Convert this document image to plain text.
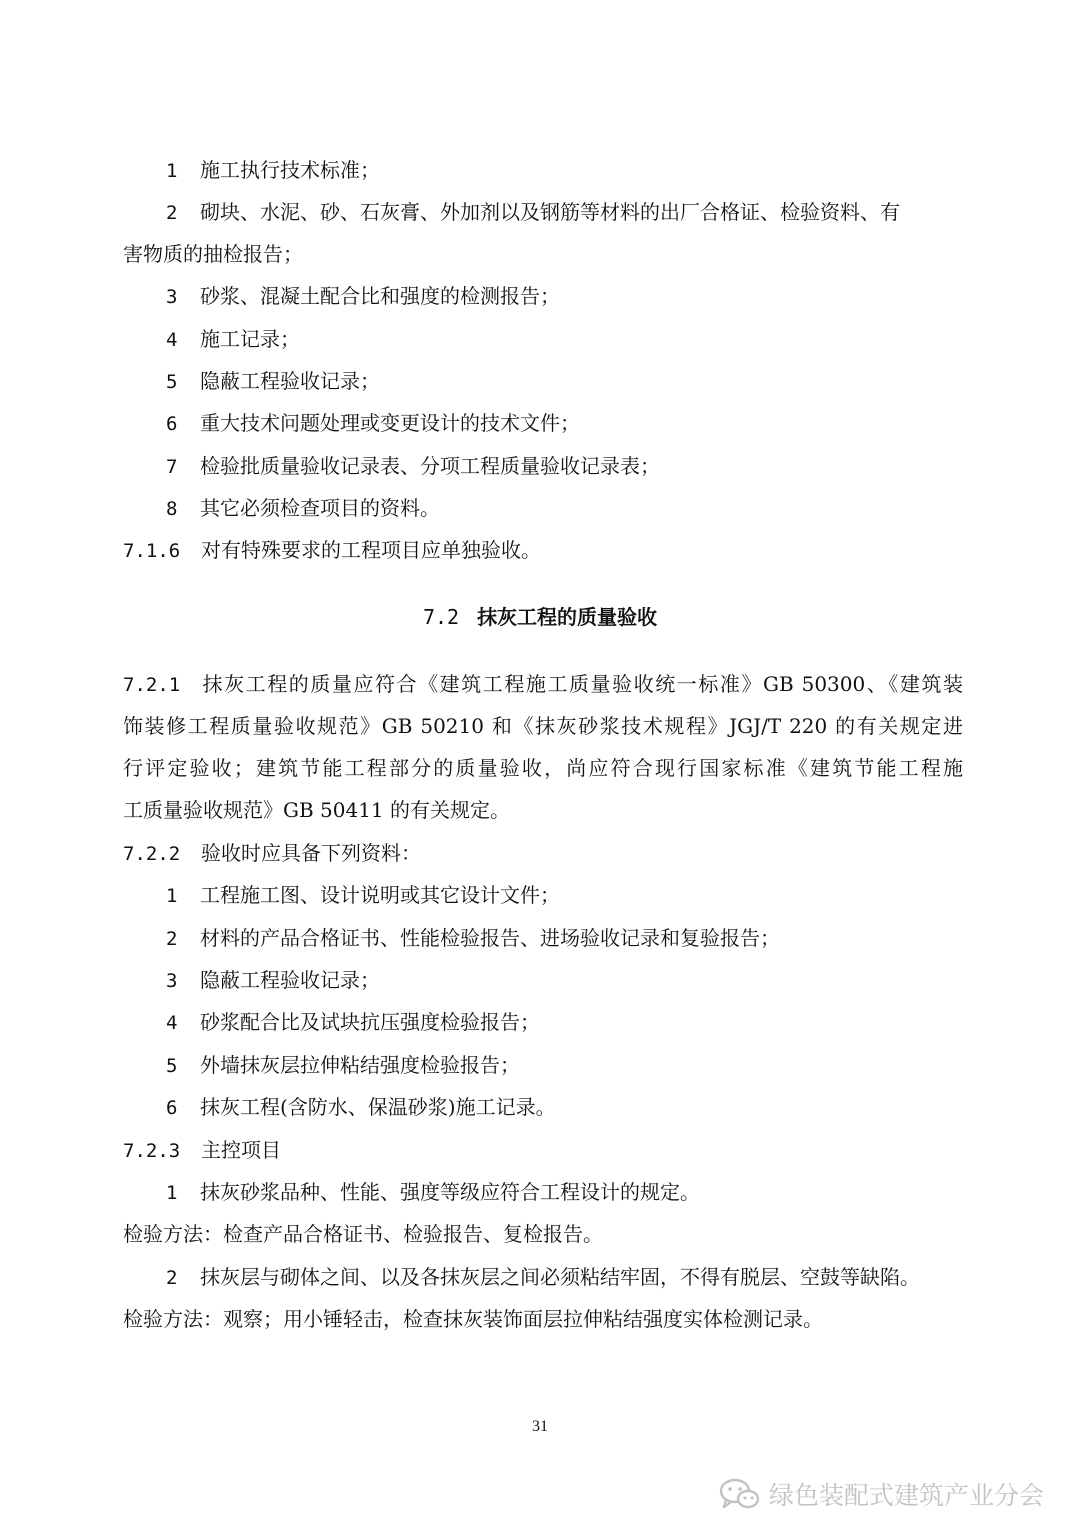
1 施工执行技术标准；
2 砌块、水泥、砂、石灰膏、外加剂以及钢筋等材料的出厂合格证、检验资料、有
害物质的抽检报告；
3 砂浆、混凝土配合比和强度的检测报告；
4 施工记录；
5 隐蔽工程验收记录；
6 重大技术问题处理或变更设计的技术文件；
7 检验批质量验收记录表、分项工程质量验收记录表；
8 其它必须检查项目的资料。
7.1.6 对有特殊要求的工程项目应单独验收。
7.2 抹灰工程的质量验收
7.2.1 抹灰工程的质量应符合《建筑工程施工质量验收统一标准》GB 50300、《建筑装
饰装修工程质量验收规范》GB 50210 和《抹灰砂浆技术规程》JGJ/T 220 的有关规定进
行评定验收；建筑节能工程部分的质量验收，尚应符合现行国家标准《建筑节能工程施
工质量验收规范》GB 50411 的有关规定。
7.2.2 验收时应具备下列资料：
1 工程施工图、设计说明或其它设计文件；
2 材料的产品合格证书、性能检验报告、进场验收记录和复验报告；
3 隐蔽工程验收记录；
4 砂浆配合比及试块抗压强度检验报告；
5 外墙抹灰层拉伸粘结强度检验报告；
6 抹灰工程(含防水、保温砂浆)施工记录。
7.2.3 主控项目
1 抹灰砂浆品种、性能、强度等级应符合工程设计的规定。
检验方法：检查产品合格证书、检验报告、复检报告。
2 抹灰层与砌体之间、以及各抹灰层之间必须粘结牢固，不得有脱层、空鼓等缺陷。
检验方法：观察；用小锤轻击，检查抹灰装饰面层拉伸粘结强度实体检测记录。
31
绿色装配式建筑产业分会
